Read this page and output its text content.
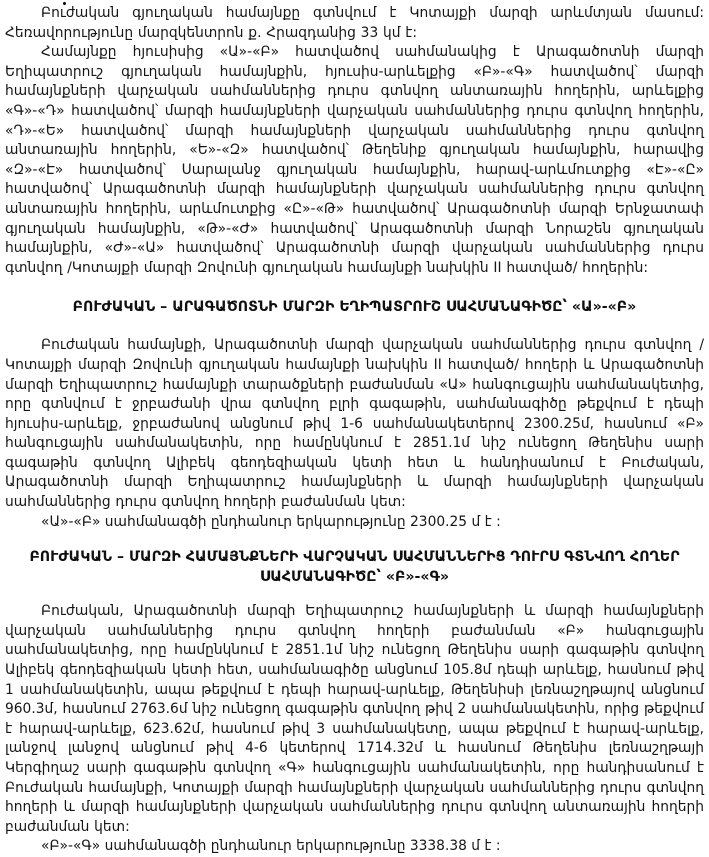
Բուժական գյուղական համայնքը գտնվում է Կոտայքի մարզի արևմտյան մասում: Հեռավորությունը մարզկենտրոն ք. Հրազդանից 33 կմ է:

Համայնքը հյուսիսից «Ա»-«Բ» հատվածով սահմանակից է Արագածոտնի մարզի Եղիպատրուշ գյուղական համայնքին, հյուսիս-արևելքից «Բ»-«Գ» հատվածով՝ մարզի համայնքների վարչական սահմաններից դուրս գտնվող անտառային հողերին, արևելքից «Գ»-«Դ» հատվածով՝ մարզի համայնքների վարչական սահմաններից դուրս գտնվող հողերին, «Դ»-«Ե» հատվածով՝ մարզի համայնքների վարչական սահմաններից դուրս գտնվող անտառային հողերին, «Ե»-«Զ» հատվածով՝ Թեղենիք գյուղական համայնքին, հարավից «Զ»-«Է» հատվածով՝ Սարալանջ գյուղական համայնքին, հարավ-արևմուտքից «Է»-«Ը» հատվածով՝ Արագածոտնի մարզի համայնքների վարչական սահմաններից դուրս գտնվող անտառային հողերին, արևմուտքից «Ը»-«Թ» հատվածով՝ Արագածոտնի մարզի Երնջատափ գյուղական համայնքին, «Թ»-«Ժ» հատվածով՝ Արագածոտնի մարզի Նորաշեն գյուղական համայնքին, «Ժ»-«Ա» հատվածով՝ Արագածոտնի մարզի վարչական սահմաններից դուրս գտնվող /Կոտայքի մարզի Զովունի գյուղական համայնքի նախկին II հատված/ հողերին:

ԲՈՒԺԱԿԱՆ – ԱՐԱԳԱԾՈՏՆԻ ՄԱՐԶԻ ԵՂԻՊԱՏՐՈՒՇ ՍԱՀՄԱՆԱԳԻԾԸ՝ «Ա»-«Բ»

Բուժական համայնքի, Արագածոտնի մարզի վարչական սահմաններից դուրս գտնվող /Կոտայքի մարզի Զովունի գյուղական համայնքի նախկին II հատված/ հողերի և Արագածոտնի մարզի Եղիպատրուշ համայնքի տարածքների բաժանման «Ա» հանգուցային սահմանակետից, որը գտնվում է ջրբաժանի վրա գտնվող բլրի գագաթին, սահմանագիծը թեքվում է դեպի հյուսիս-արևելք, ջրբաժանով անցնում թիվ 1-6 սահմանակետերով 2300.25մ, հասնում «Բ» հանգուցային սահմանակետին, որը համընկնում է 2851.1մ նիշ ունեցող Թեղենիս սարի գագաթին գտնվող Ալիբեկ գեոդեզիական կետի հետ և հանդիսանում է Բուժական, Արագածոտնի մարզի Եղիպատրուշ համայնքների և մարզի համայնքների վարչական սահմաններից դուրս գտնվող հողերի բաժանման կետ:

«Ա»-«Բ» սահմանագծի ընդհանուր երկարությունը 2300.25 մ է :

ԲՈՒԺԱԿԱՆ – ՄԱՐԶԻ ՀԱՄԱՅՆՔՆԵՐԻ ՎԱՐՉԱԿԱՆ ՍԱՀՄԱՆՆԵՐԻՑ ԴՈՒՐՍ ԳՏՆՎՈՂ ՀՈՂԵՐ ՍԱՀՄԱՆԱԳԻԾԸ՝ «Բ»-«Գ»

Բուժական, Արագածոտնի մարզի Եղիպատրուշ համայնքների և մարզի համայնքների վարչական սահմաններից դուրս գտնվող հողերի բաժանման «Բ» հանգուցային սահմանակետից, որը համընկնում է 2851.1մ նիշ ունեցող Թեղենիս սարի գագաթին գտնվող Ալիբեկ գեոդեզիական կետի հետ, սահմանագիծը անցնում 105.8մ դեպի արևելք, հասնում թիվ 1 սահմանակետին, ապա թեքվում է դեպի հարավ-արևելք, Թեղենիսի լեռնաշղթայով անցնում 960.3մ, հասնում 2763.6մ նիշ ունեցող գագաթին գտնվող թիվ 2 սահմանակետին, որից թեքվում է հարավ-արևելք, 623.62մ, հասնում թիվ 3 սահմանակետը, ապա թեքվում է հարավ-արևելք, լանջով լանջով անցնում թիվ 4-6 կետերով 1714.32մ և հասնում Թեղենիս լեռնաշղթայի Կերգիղաշ սարի գագաթին գտնվող «Գ» հանգուցային սահմանակետին, որը հանդիսանում է Բուժական համայնքի, Կոտայքի մարզի համայնքների վարչական սահմաններից դուրս գտնվող հողերի և մարզի համայնքների վարչական սահմաններից դուրս գտնվող անտառային հողերի բաժանման կետ:

«Բ»-«Գ» սահմանագծի ընդհանուր երկարությունը 3338.38 մ է :
